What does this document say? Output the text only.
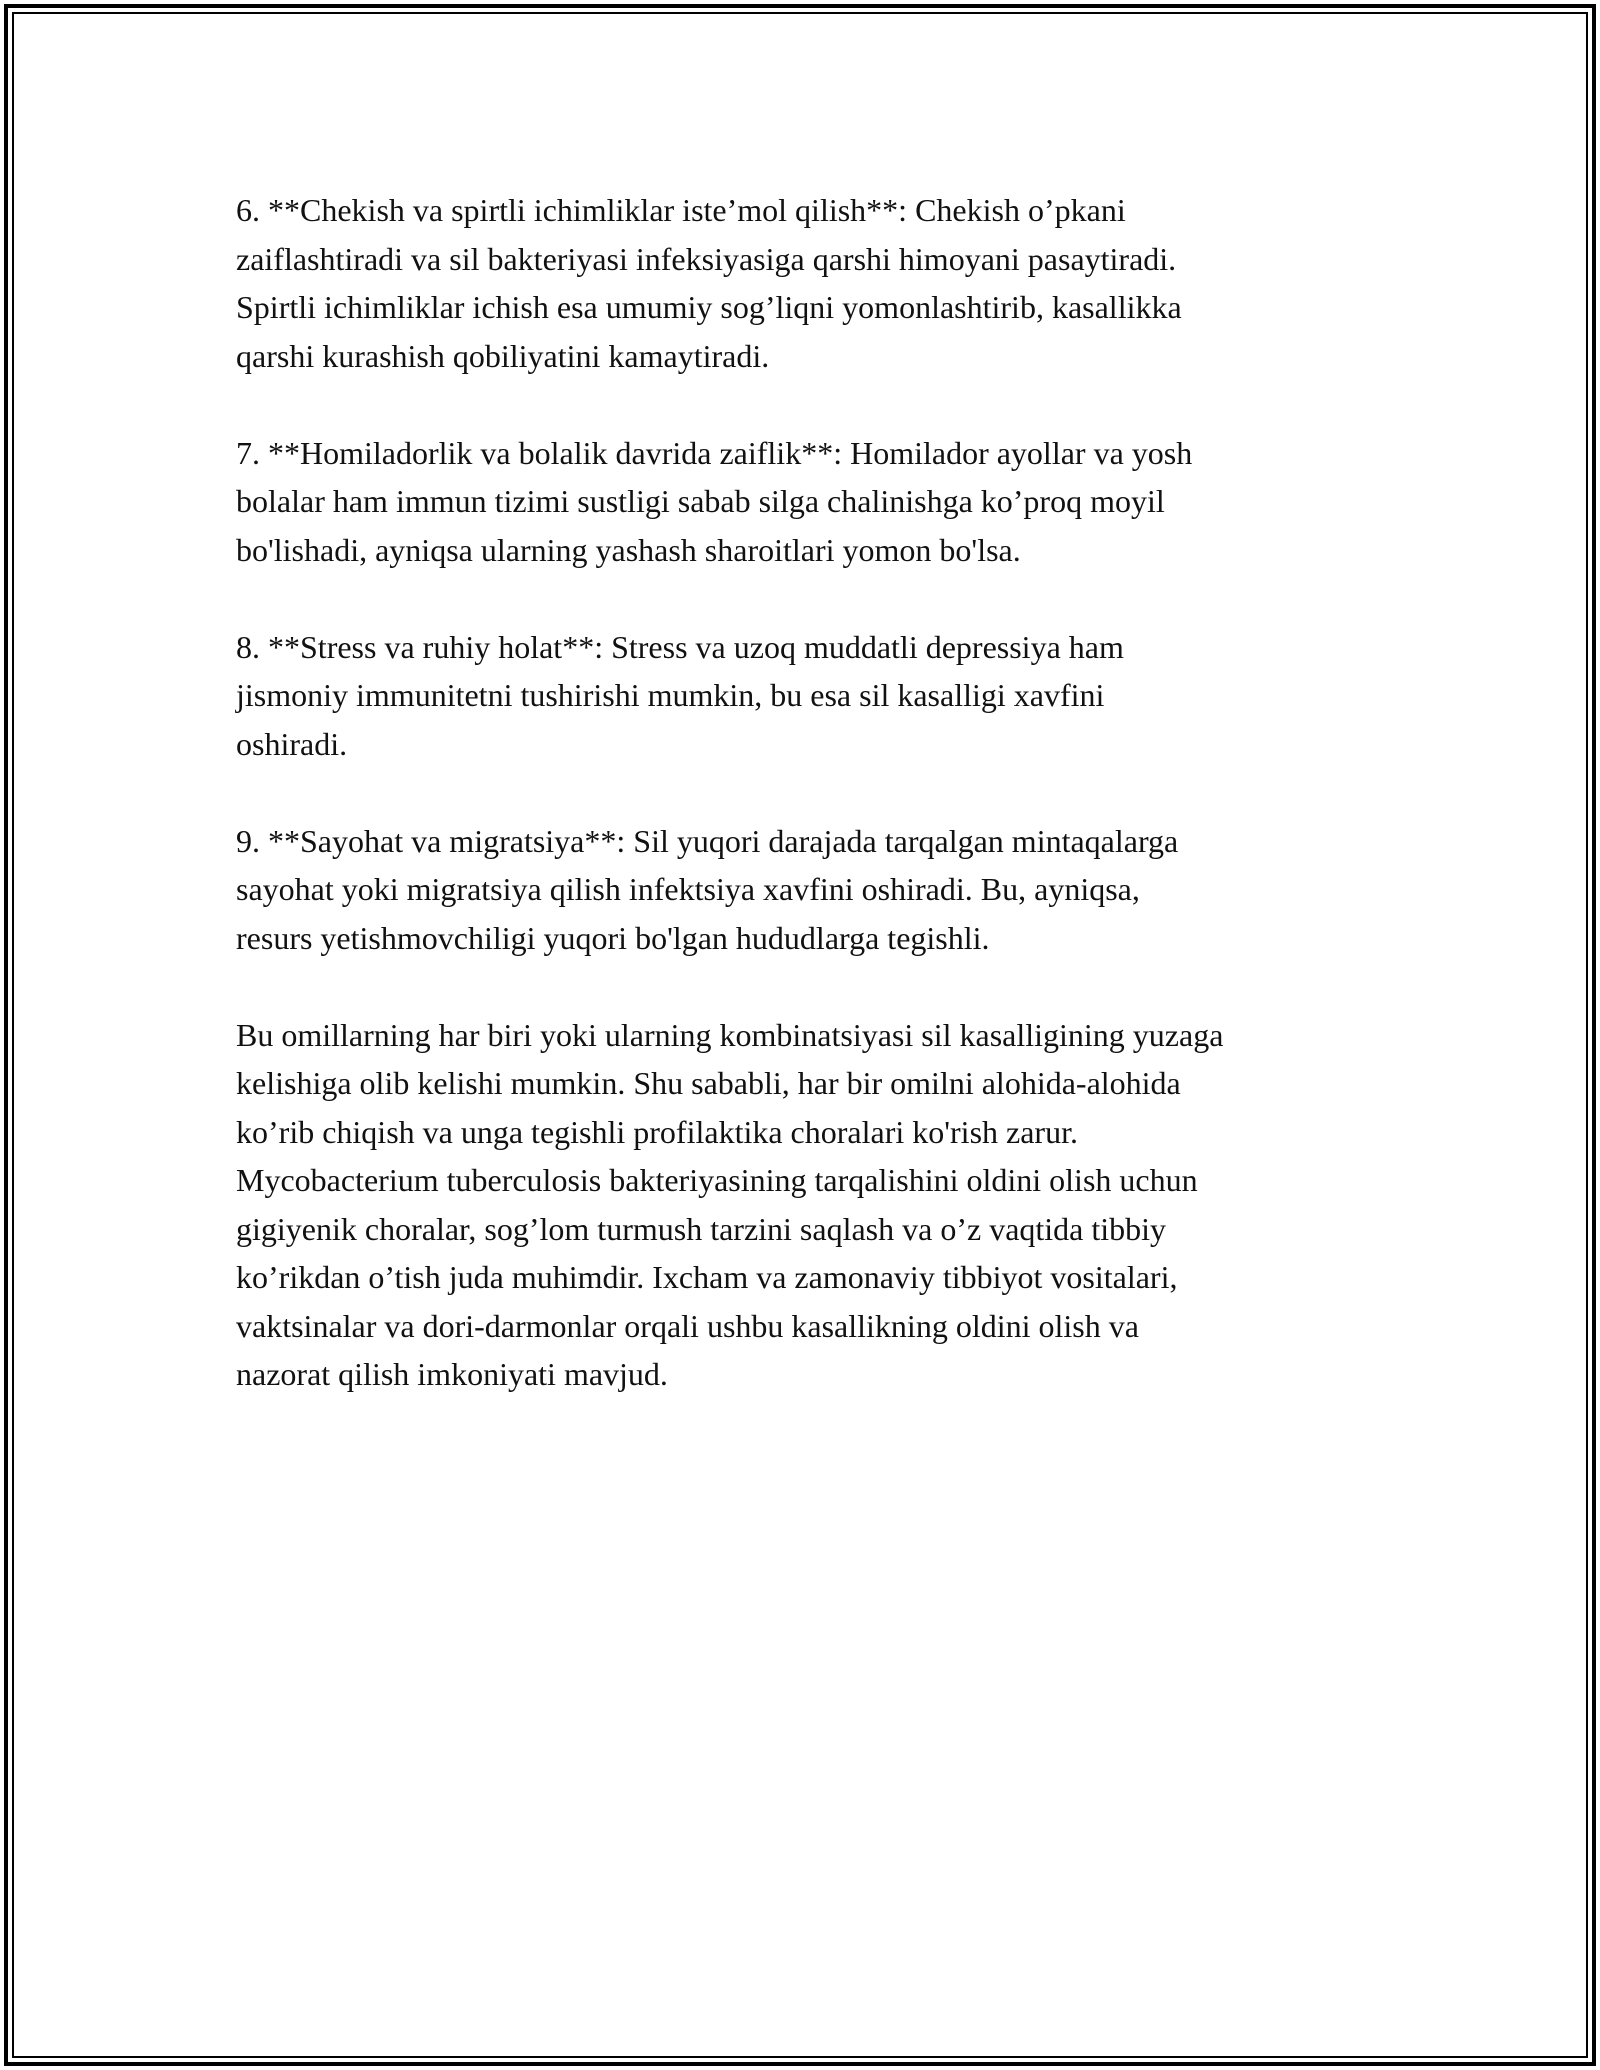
6. **Chekish va spirtli ichimliklar iste’mol qilish**: Chekish o’pkani
zaiflashtiradi va sil bakteriyasi infeksiyasiga qarshi himoyani pasaytiradi.
Spirtli ichimliklar ichish esa umumiy sog’liqni yomonlashtirib, kasallikka
qarshi kurashish qobiliyatini kamaytiradi.

7. **Homiladorlik va bolalik davrida zaiflik**: Homilador ayollar va yosh
bolalar ham immun tizimi sustligi sabab silga chalinishga ko’proq moyil
bo'lishadi, ayniqsa ularning yashash sharoitlari yomon bo'lsa.

8. **Stress va ruhiy holat**: Stress va uzoq muddatli depressiya ham
jismoniy immunitetni tushirishi mumkin, bu esa sil kasalligi xavfini
oshiradi.

9. **Sayohat va migratsiya**: Sil yuqori darajada tarqalgan mintaqalarga
sayohat yoki migratsiya qilish infektsiya xavfini oshiradi. Bu, ayniqsa,
resurs yetishmovchiligi yuqori bo'lgan hududlarga tegishli.

Bu omillarning har biri yoki ularning kombinatsiyasi sil kasalligining yuzaga
kelishiga olib kelishi mumkin. Shu sababli, har bir omilni alohida-alohida
ko’rib chiqish va unga tegishli profilaktika choralari ko'rish zarur.
Mycobacterium tuberculosis bakteriyasining tarqalishini oldini olish uchun
gigiyenik choralar, sog’lom turmush tarzini saqlash va o’z vaqtida tibbiy
ko’rikdan o’tish juda muhimdir. Ixcham va zamonaviy tibbiyot vositalari,
vaktsinalar va dori-darmonlar orqali ushbu kasallikning oldini olish va
nazorat qilish imkoniyati mavjud.
